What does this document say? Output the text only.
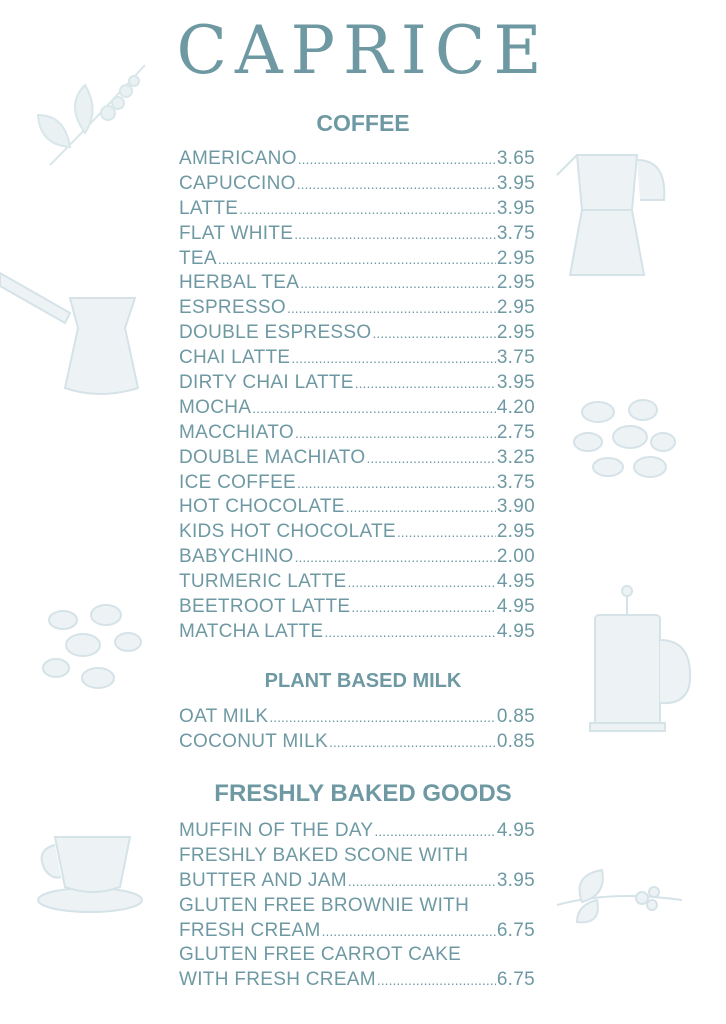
CAPRICE
COFFEE
AMERICANO .....	3.65
CAPUCCINO .....	3.95
LATTE .....	3.95
FLAT WHITE .....	3.75
TEA .....	2.95
HERBAL TEA .....	2.95
ESPRESSO .....	2.95
DOUBLE ESPRESSO .....	2.95
CHAI LATTE .....	3.75
DIRTY CHAI LATTE .....	3.95
MOCHA .....	4.20
MACCHIATO .....	2.75
DOUBLE MACHIATO .....	3.25
ICE COFFEE .....	3.75
HOT CHOCOLATE .....	3.90
KIDS HOT CHOCOLATE .....	2.95
BABYCHINO .....	2.00
TURMERIC LATTE .....	4.95
BEETROOT LATTE .....	4.95
MATCHA LATTE .....	4.95
PLANT BASED MILK
OAT MILK .....	0.85
COCONUT MILK .....	0.85
FRESHLY BAKED GOODS
MUFFIN OF THE DAY .....	4.95
FRESHLY BAKED SCONE WITH
BUTTER AND JAM .....	3.95
GLUTEN FREE BROWNIE WITH
FRESH CREAM .....	6.75
GLUTEN FREE CARROT CAKE
WITH FRESH CREAM .....	6.75
